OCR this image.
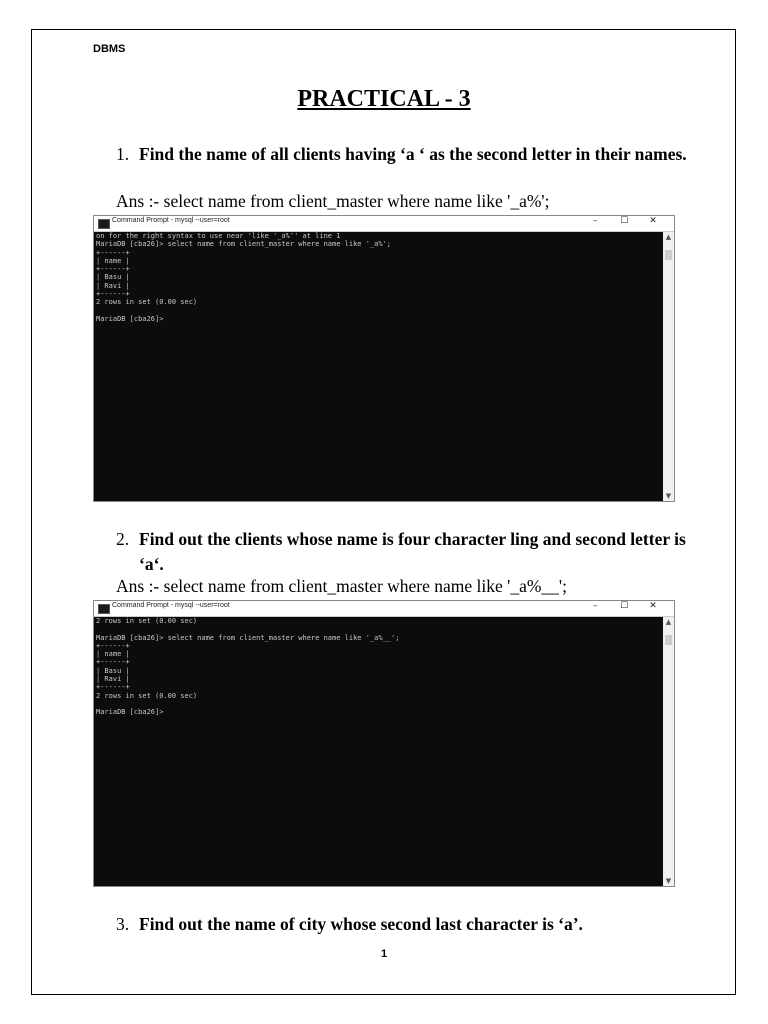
DBMS
PRACTICAL - 3
1. Find the name of all clients having ‘a ‘ as the second letter in their names.
Ans :- select name from client_master where name like '_a%';
Command Prompt - mysql --user=root	–	☐ ✕
on for the right syntax to use near 'like '_a%'' at line 1
MariaDB [cba26]> select name from client_master where name like '_a%';
+------+
| name |
+------+
| Basu |
| Ravi |
+------+
2 rows in set (0.00 sec)

MariaDB [cba26]>
▲
▼
2. Find out the clients whose name is four character ling and second letter is ‘a‘.
Ans :- select name from client_master where name like '_a%__';
Command Prompt - mysql --user=root	–	☐ ✕
2 rows in set (0.00 sec)

MariaDB [cba26]> select name from client_master where name like '_a%__';
+------+
| name |
+------+
| Basu |
| Ravi |
+------+
2 rows in set (0.00 sec)

MariaDB [cba26]>
▲
▼
3. Find out the name of city whose second last character is ‘a’.
1
